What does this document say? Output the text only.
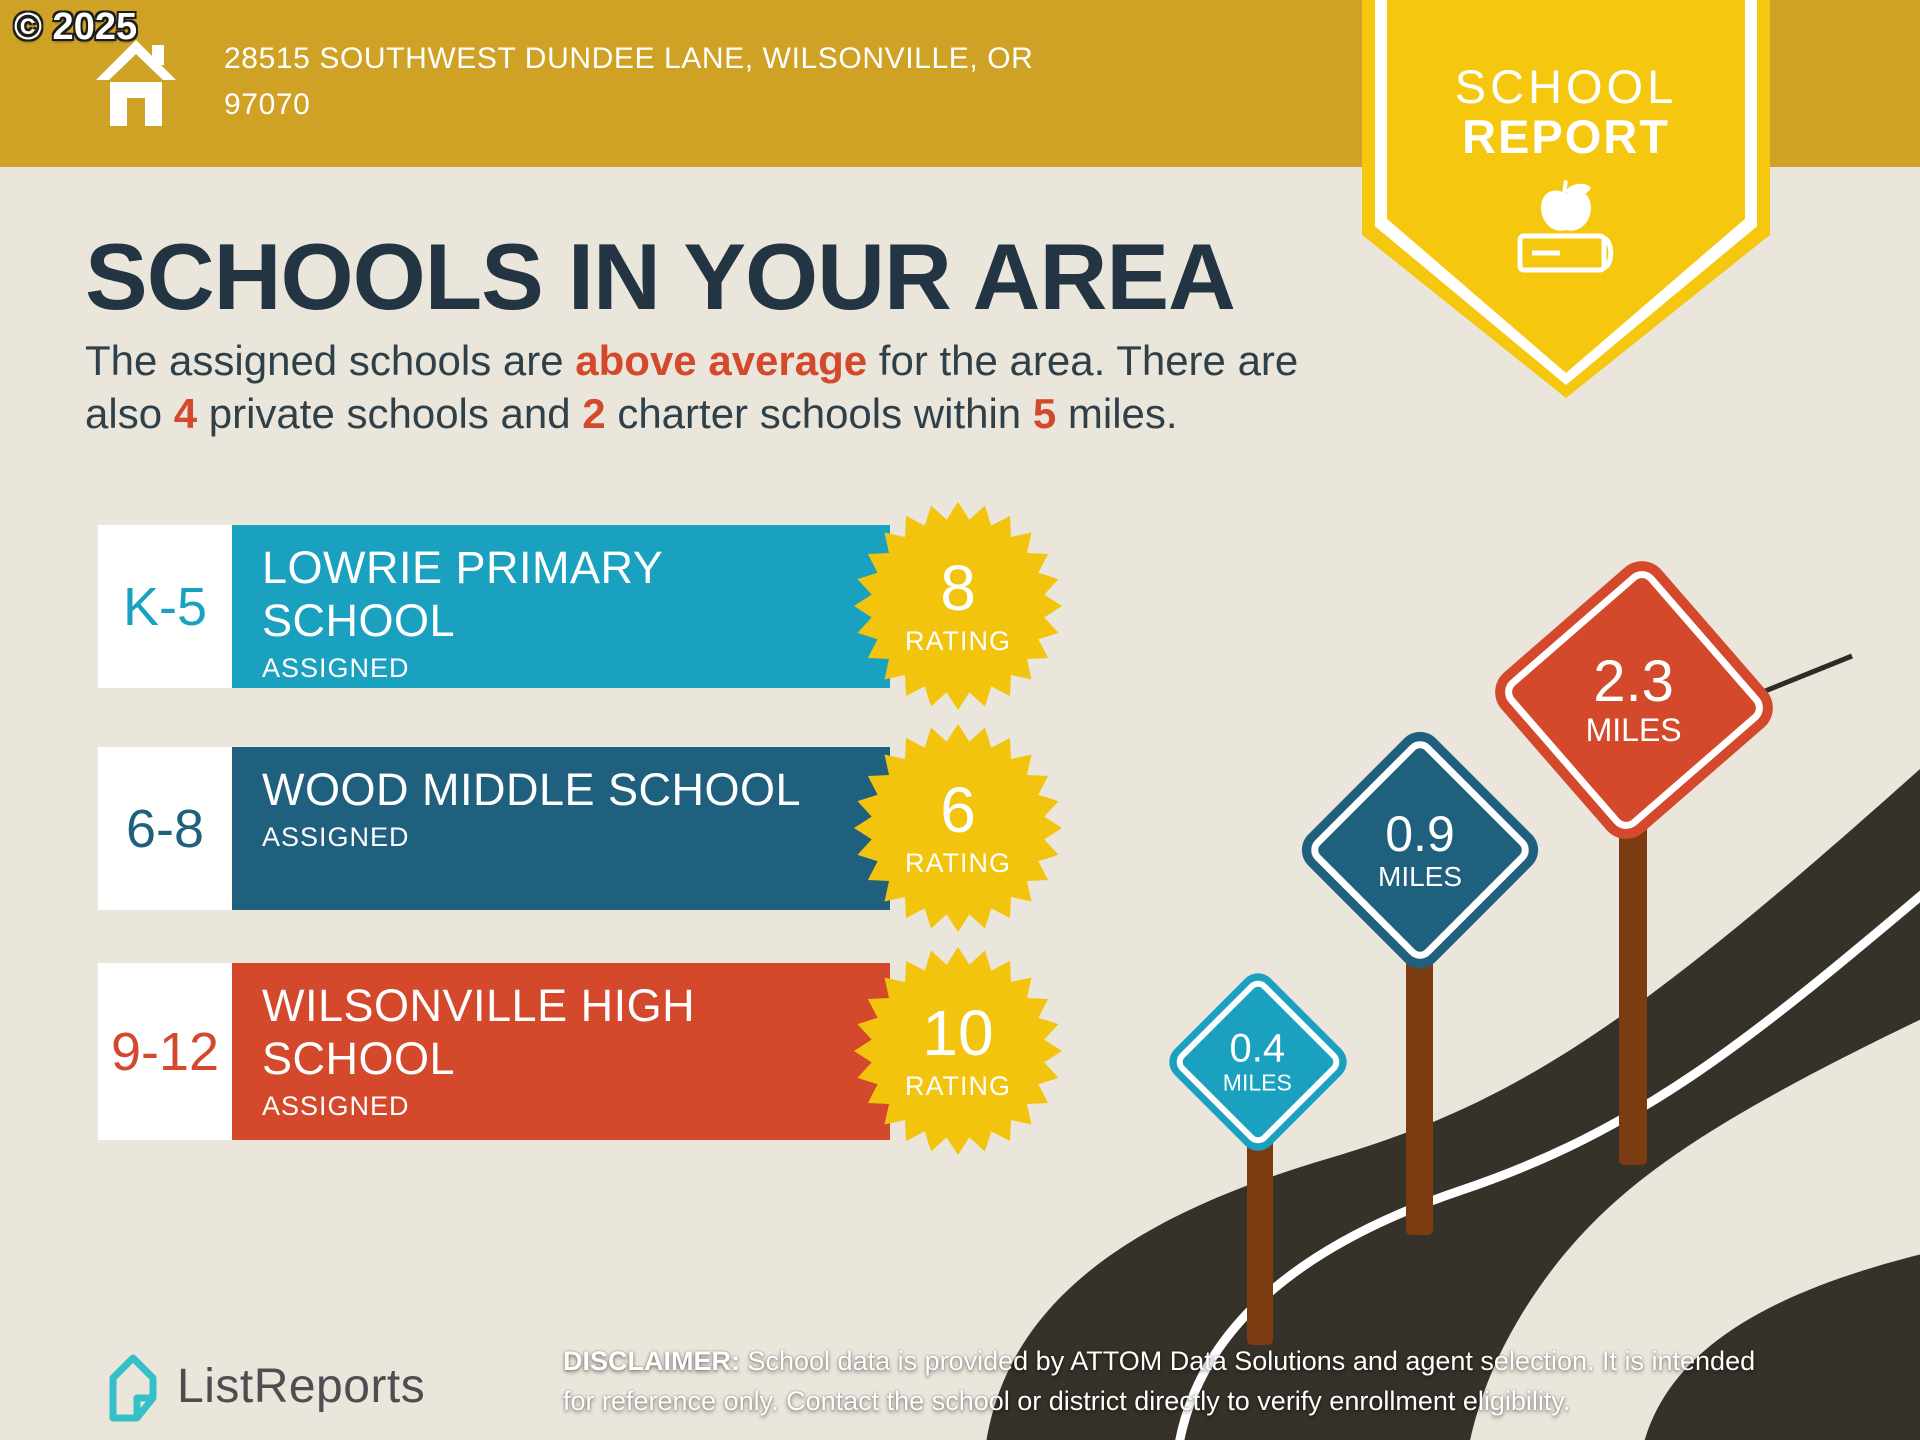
28515 SOUTHWEST DUNDEE LANE, WILSONVILLE, OR
97070
© 2025
SCHOOL
REPORT
SCHOOLS IN YOUR AREA

The assigned schools are above average for the area. There are
also 4 private schools and 2 charter schools within 5 miles.

K-5
LOWRIE PRIMARY SCHOOL
ASSIGNED
6-8
WOOD MIDDLE SCHOOL
ASSIGNED
9-12
WILSONVILLE HIGH SCHOOL
ASSIGNED
8
RATING
6
RATING
10
RATING
0.4
MILES
0.9
MILES
2.3
MILES
ListReports	DISCLAIMER: School data is provided by ATTOM Data Solutions and agent selection. It is intended
for reference only. Contact the school or district directly to verify enrollment eligibility.
